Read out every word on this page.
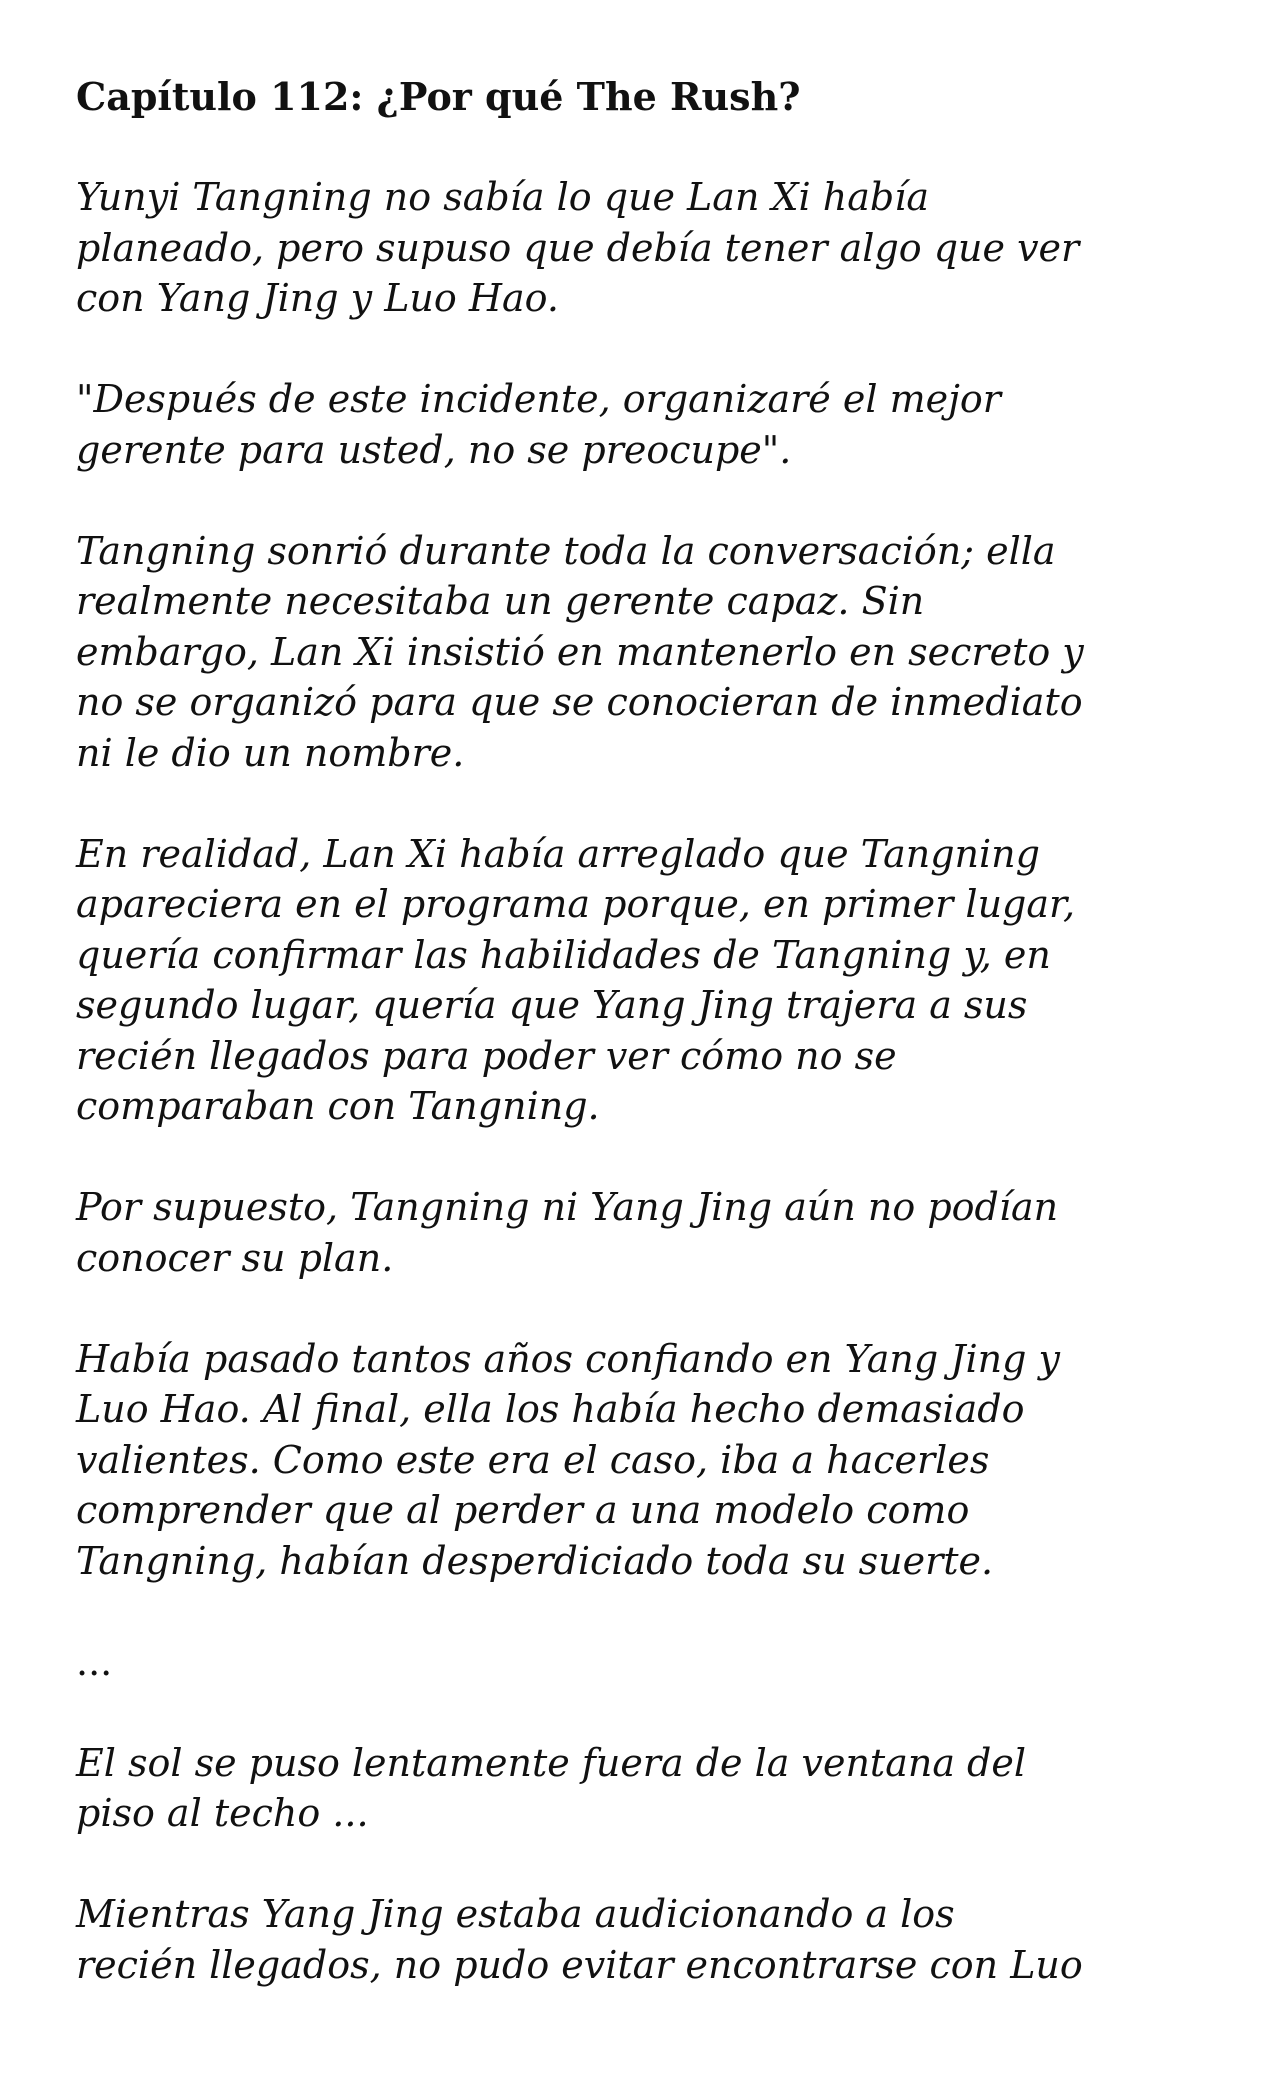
Capítulo 112: ¿Por qué The Rush?

Yunyi Tangning no sabía lo que Lan Xi había
planeado, pero supuso que debía tener algo que ver
con Yang Jing y Luo Hao.

"Después de este incidente, organizaré el mejor
gerente para usted, no se preocupe".

Tangning sonrió durante toda la conversación; ella
realmente necesitaba un gerente capaz. Sin
embargo, Lan Xi insistió en mantenerlo en secreto y
no se organizó para que se conocieran de inmediato
ni le dio un nombre.

En realidad, Lan Xi había arreglado que Tangning
apareciera en el programa porque, en primer lugar,
quería confirmar las habilidades de Tangning y, en
segundo lugar, quería que Yang Jing trajera a sus
recién llegados para poder ver cómo no se
comparaban con Tangning.

Por supuesto, Tangning ni Yang Jing aún no podían
conocer su plan.

Había pasado tantos años confiando en Yang Jing y
Luo Hao. Al final, ella los había hecho demasiado
valientes. Como este era el caso, iba a hacerles
comprender que al perder a una modelo como
Tangning, habían desperdiciado toda su suerte.

...

El sol se puso lentamente fuera de la ventana del
piso al techo ...

Mientras Yang Jing estaba audicionando a los
recién llegados, no pudo evitar encontrarse con Luo
